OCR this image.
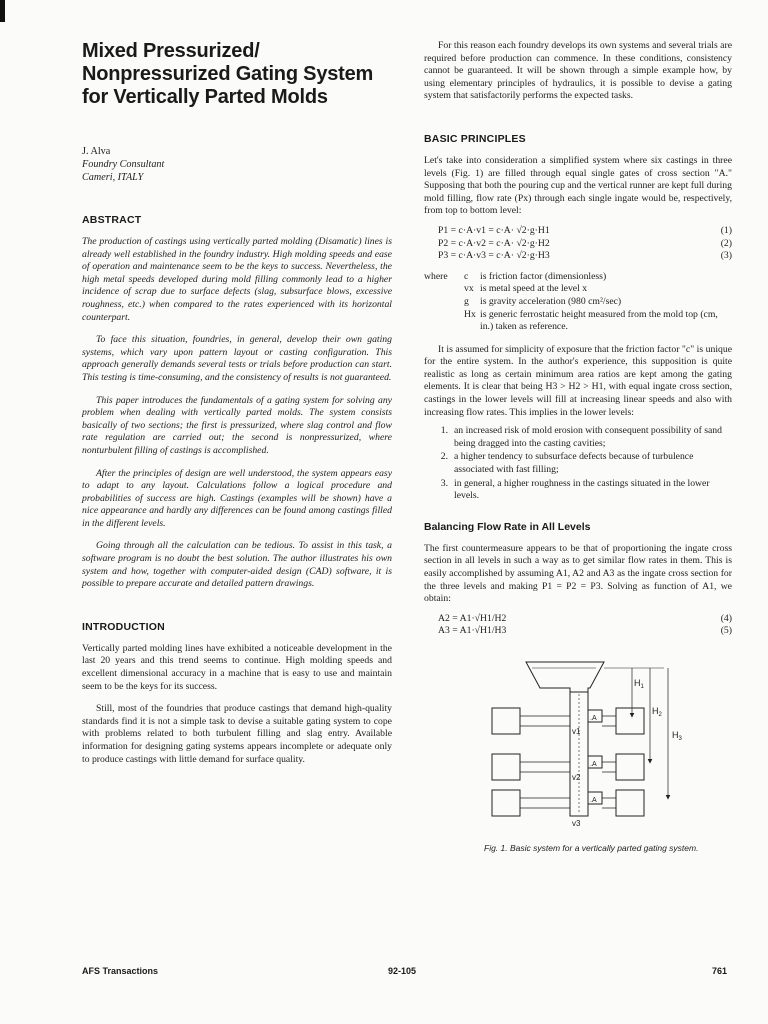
Mixed Pressurized/ Nonpressurized Gating System for Vertically Parted Molds
J. Alva
Foundry Consultant
Cameri, ITALY
ABSTRACT

The production of castings using vertically parted molding (Disamatic) lines is already well established in the foundry industry. High molding speeds and ease of operation and maintenance seem to be the keys to success. Nevertheless, the high metal speeds developed during mold filling commonly lead to a higher incidence of scrap due to surface defects (slag, subsurface blows, excessive roughness, etc.) when compared to the rates experienced with its horizontal counterpart.

To face this situation, foundries, in general, develop their own gating systems, which vary upon pattern layout or casting configuration. This approach generally demands several tests or trials before production can start. This testing is time-consuming, and the consistency of results is not guaranteed.

This paper introduces the fundamentals of a gating system for solving any problem when dealing with vertically parted molds. The system consists basically of two sections; the first is pressurized, where slag control and flow rate regulation are carried out; the second is nonpressurized, where nonturbulent filling of castings is accomplished.

After the principles of design are well understood, the system appears easy to adapt to any layout. Calculations follow a logical procedure and probabilities of success are high. Castings (examples will be shown) have a nice appearance and hardly any differences can be found among castings filled in the different levels.

Going through all the calculation can be tedious. To assist in this task, a software program is no doubt the best solution. The author illustrates his own system and how, together with computer-aided design (CAD) software, it is possible to prepare accurate and detailed pattern drawings.

INTRODUCTION

Vertically parted molding lines have exhibited a noticeable development in the last 20 years and this trend seems to continue. High molding speeds and excellent dimensional accuracy in a machine that is easy to use and maintain seem to be the keys for its success.

Still, most of the foundries that produce castings that demand high-quality standards find it is not a simple task to devise a suitable gating system to cope with problems related to both turbulent filling and slag entry. Available information for designing gating systems appears incomplete or adequate only to produce castings with little demand for surface quality.

For this reason each foundry develops its own systems and several trials are required before production can commence. In these conditions, consistency cannot be guaranteed. It will be shown through a simple example how, by using elementary principles of hydraulics, it is possible to devise a gating system that satisfactorily performs the expected tasks.

BASIC PRINCIPLES

Let's take into consideration a simplified system where six castings in three levels (Fig. 1) are filled through equal single gates of cross section "A." Supposing that both the pouring cup and the vertical runner are kept full during mold filling, flow rate (Px) through each single ingate would be, respectively, from top to bottom level:

P1 = c·A·v1 = c·A· √2·g·H1	(1)
P2 = c·A·v2 = c·A· √2·g·H2	(2)
P3 = c·A·v3 = c·A· √2·g·H3	(3)
where	c	is friction factor (dimensionless)
vx is metal speed at the level x
g	is gravity acceleration (980 cm²/sec)
Hx is generic ferrostatic height measured from the mold top (cm, in.) taken as reference.

It is assumed for simplicity of exposure that the friction factor "c" is unique for the entire system. In the author's experience, this supposition is quite realistic as long as certain minimum area ratios are kept among the gating elements. It is clear that being H3 > H2 > H1, with equal ingate cross section, castings in the lower levels will fill at increasing linear speeds and also with increasing flow rates. This implies in the lower levels:

1. an increased risk of mold erosion with consequent possibility of sand being dragged into the casting cavities;
2. a higher tendency to subsurface defects because of turbulence associated with fast filling;
3. in general, a higher roughness in the castings situated in the lower levels.
Balancing Flow Rate in All Levels

The first countermeasure appears to be that of proportioning the ingate cross section in all levels in such a way as to get similar flow rates in them. This is easily accomplished by assuming A1, A2 and A3 as the ingate cross section for the three levels and making P1 = P2 = P3. Solving as function of A1, we obtain:

A2 = A1·√H1/H2	(4)
A3 = A1·√H1/H3	(5)
$H_1$
$H_2$
$H_3$
v1
v2
v3
.A
.A
.A
Fig. 1. Basic system for a vertically parted gating system.
AFS Transactions	92-105	761
